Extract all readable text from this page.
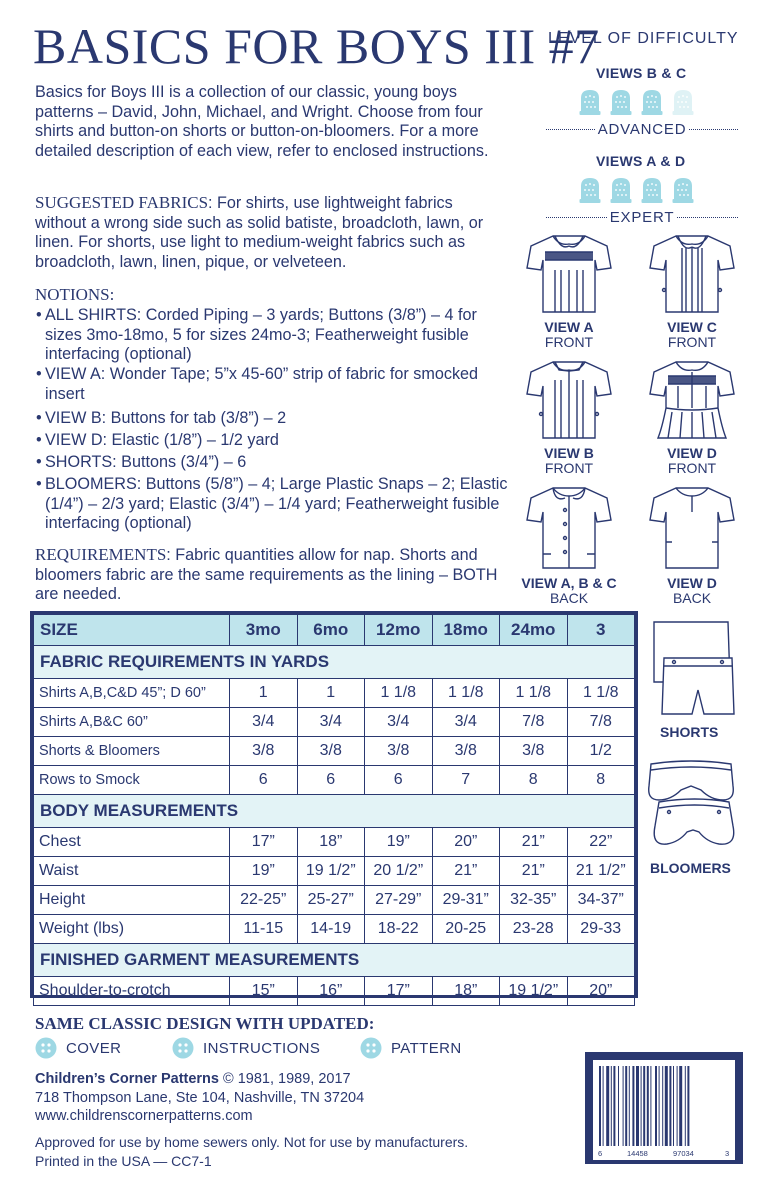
BASICS FOR BOYS III #7

Basics for Boys III is a collection of our classic, young boys patterns – David, John, Michael, and Wright. Choose from four shirts and button-on shorts or button-on-bloomers. For a more detailed description of each view, refer to enclosed instructions.

SUGGESTED FABRICS: For shirts, use lightweight fabrics without a wrong side such as solid batiste, broadcloth, lawn, or linen. For shorts, use light to medium-weight fabrics such as broadcloth, lawn, linen, pique, or velveteen.

NOTIONS:
• ALL SHIRTS: Corded Piping – 3 yards; Buttons (3/8”) – 4 for sizes 3mo-18mo, 5 for sizes 24mo-3; Featherweight fusible interfacing (optional)
• VIEW A: Wonder Tape; 5”x 45-60” strip of fabric for smocked insert
• VIEW B: Buttons for tab (3/8”) – 2
• VIEW D: Elastic (1/8”) – 1/2 yard
• SHORTS: Buttons (3/4”) – 6
• BLOOMERS: Buttons (5/8”) – 4; Large Plastic Snaps – 2; Elastic (1/4”) – 2/3 yard; Elastic (3/4”) – 1/4 yard; Featherweight fusible interfacing (optional)

REQUIREMENTS: Fabric quantities allow for nap. Shorts and bloomers fabric are the same requirements as the lining – BOTH are needed.

LEVEL OF DIFFICULTY
VIEWS B & C
ADVANCED
VIEWS A & D
EXPERT
VIEW A
FRONT
VIEW C
FRONT
VIEW B
FRONT
VIEW D
FRONT
VIEW A, B & C
BACK
VIEW D
BACK
SHORTS
BLOOMERS
SIZE	3mo	6mo	12mo	18mo	24mo	3
FABRIC REQUIREMENTS IN YARDS						
Shirts A,B,C&D 45”; D 60”	1	1	1 1/8	1 1/8	1 1/8	1 1/8
Shirts A,B&C 60”	3/4	3/4	3/4	3/4	7/8	7/8
Shorts & Bloomers	3/8	3/8	3/8	3/8	3/8	1/2
Rows to Smock	6	6	6	7	8	8
BODY MEASUREMENTS						
Chest	17”	18”	19”	20”	21”	22”
Waist	19”	19 1/2”	20 1/2”	21”	21”	21 1/2”
Height	22-25”	25-27”	27-29”	29-31”	32-35”	34-37”
Weight (lbs)	11-15	14-19	18-22	20-25	23-28	29-33
FINISHED GARMENT MEASUREMENTS						
Shoulder-to-crotch	15”	16”	17”	18”	19 1/2”	20”
SAME CLASSIC DESIGN WITH UPDATED:
COVER	INSTRUCTIONS	PATTERN
Children’s Corner Patterns © 1981, 1989, 2017
718 Thompson Lane, Ste 104, Nashville, TN 37204
www.childrenscornerpatterns.com
Approved for use by home sewers only. Not for use by manufacturers.
Printed in the USA — CC7-1	6	14458	97034	3
